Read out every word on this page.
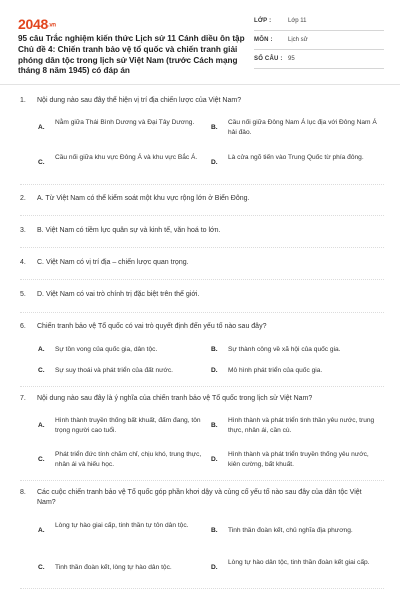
2048.vn
95 câu Trắc nghiệm kiến thức Lịch sử 11 Cánh diều ôn tập Chủ đề 4: Chiến tranh bảo vệ tổ quốc và chiến tranh giải phóng dân tộc trong lịch sử Việt Nam (trước Cách mạng tháng 8 năm 1945) có đáp án
LỚP :	Lớp 11
MÔN :	Lịch sử
SỐ CÂU : 95
1. Nội dung nào sau đây thể hiện vị trí địa chiến lược của Việt Nam?
A.
Nằm giữa Thái Bình Dương và Đại Tây Dương.
B.
Cầu nối giữa Đông Nam Á lục địa với Đông Nam Á hải đảo.
C.
Cầu nối giữa khu vực Đông Á và khu vực Bắc Á.
D.
Là cửa ngõ tiến vào Trung Quốc từ phía đông.
2. A. Từ Việt Nam có thể kiểm soát một khu vực rộng lớn ở Biển Đông.
3. B. Việt Nam có tiềm lực quân sự và kinh tế, văn hoá to lớn.
4. C. Việt Nam có vị trí địa – chiến lược quan trọng.
5. D. Việt Nam có vai trò chính trị đặc biệt trên thế giới.
6. Chiến tranh bảo vệ Tổ quốc có vai trò quyết định đến yếu tố nào sau đây?
A. Sự tồn vong của quốc gia, dân tộc.	B. Sự thành công về xã hội của quốc gia.
C. Sự suy thoái và phát triển của đất nước.	D. Mô hình phát triển của quốc gia.
7. Nội dung nào sau đây là ý nghĩa của chiến tranh bảo vệ Tổ quốc trong lịch sử Việt Nam?
A.
Hình thành truyền thống bất khuất, đấm đang, tôn trọng người cao tuổi.
B.
Hình thành và phát triển tinh thần yêu nước, trung thực, nhân ái, cần cù.
C.
Phát triển đức tính chăm chỉ, chịu khó, trung thực, nhân ái và hiếu học.
D.
Hình thành và phát triển truyền thống yêu nước, kiên cường, bất khuất.
8. Các cuộc chiến tranh bảo vệ Tổ quốc góp phần khơi dậy và củng cố yếu tố nào sau đây của dân tộc Việt Nam?
A.
Lòng tự hào giai cấp, tinh thần tự tôn dân tộc.
B. Tinh thần đoàn kết, chủ nghĩa địa phương.
C. Tinh thần đoàn kết, lòng tự hào dân tộc.	D.
Lòng tự hào dân tộc, tinh thần đoàn kết giai cấp.
